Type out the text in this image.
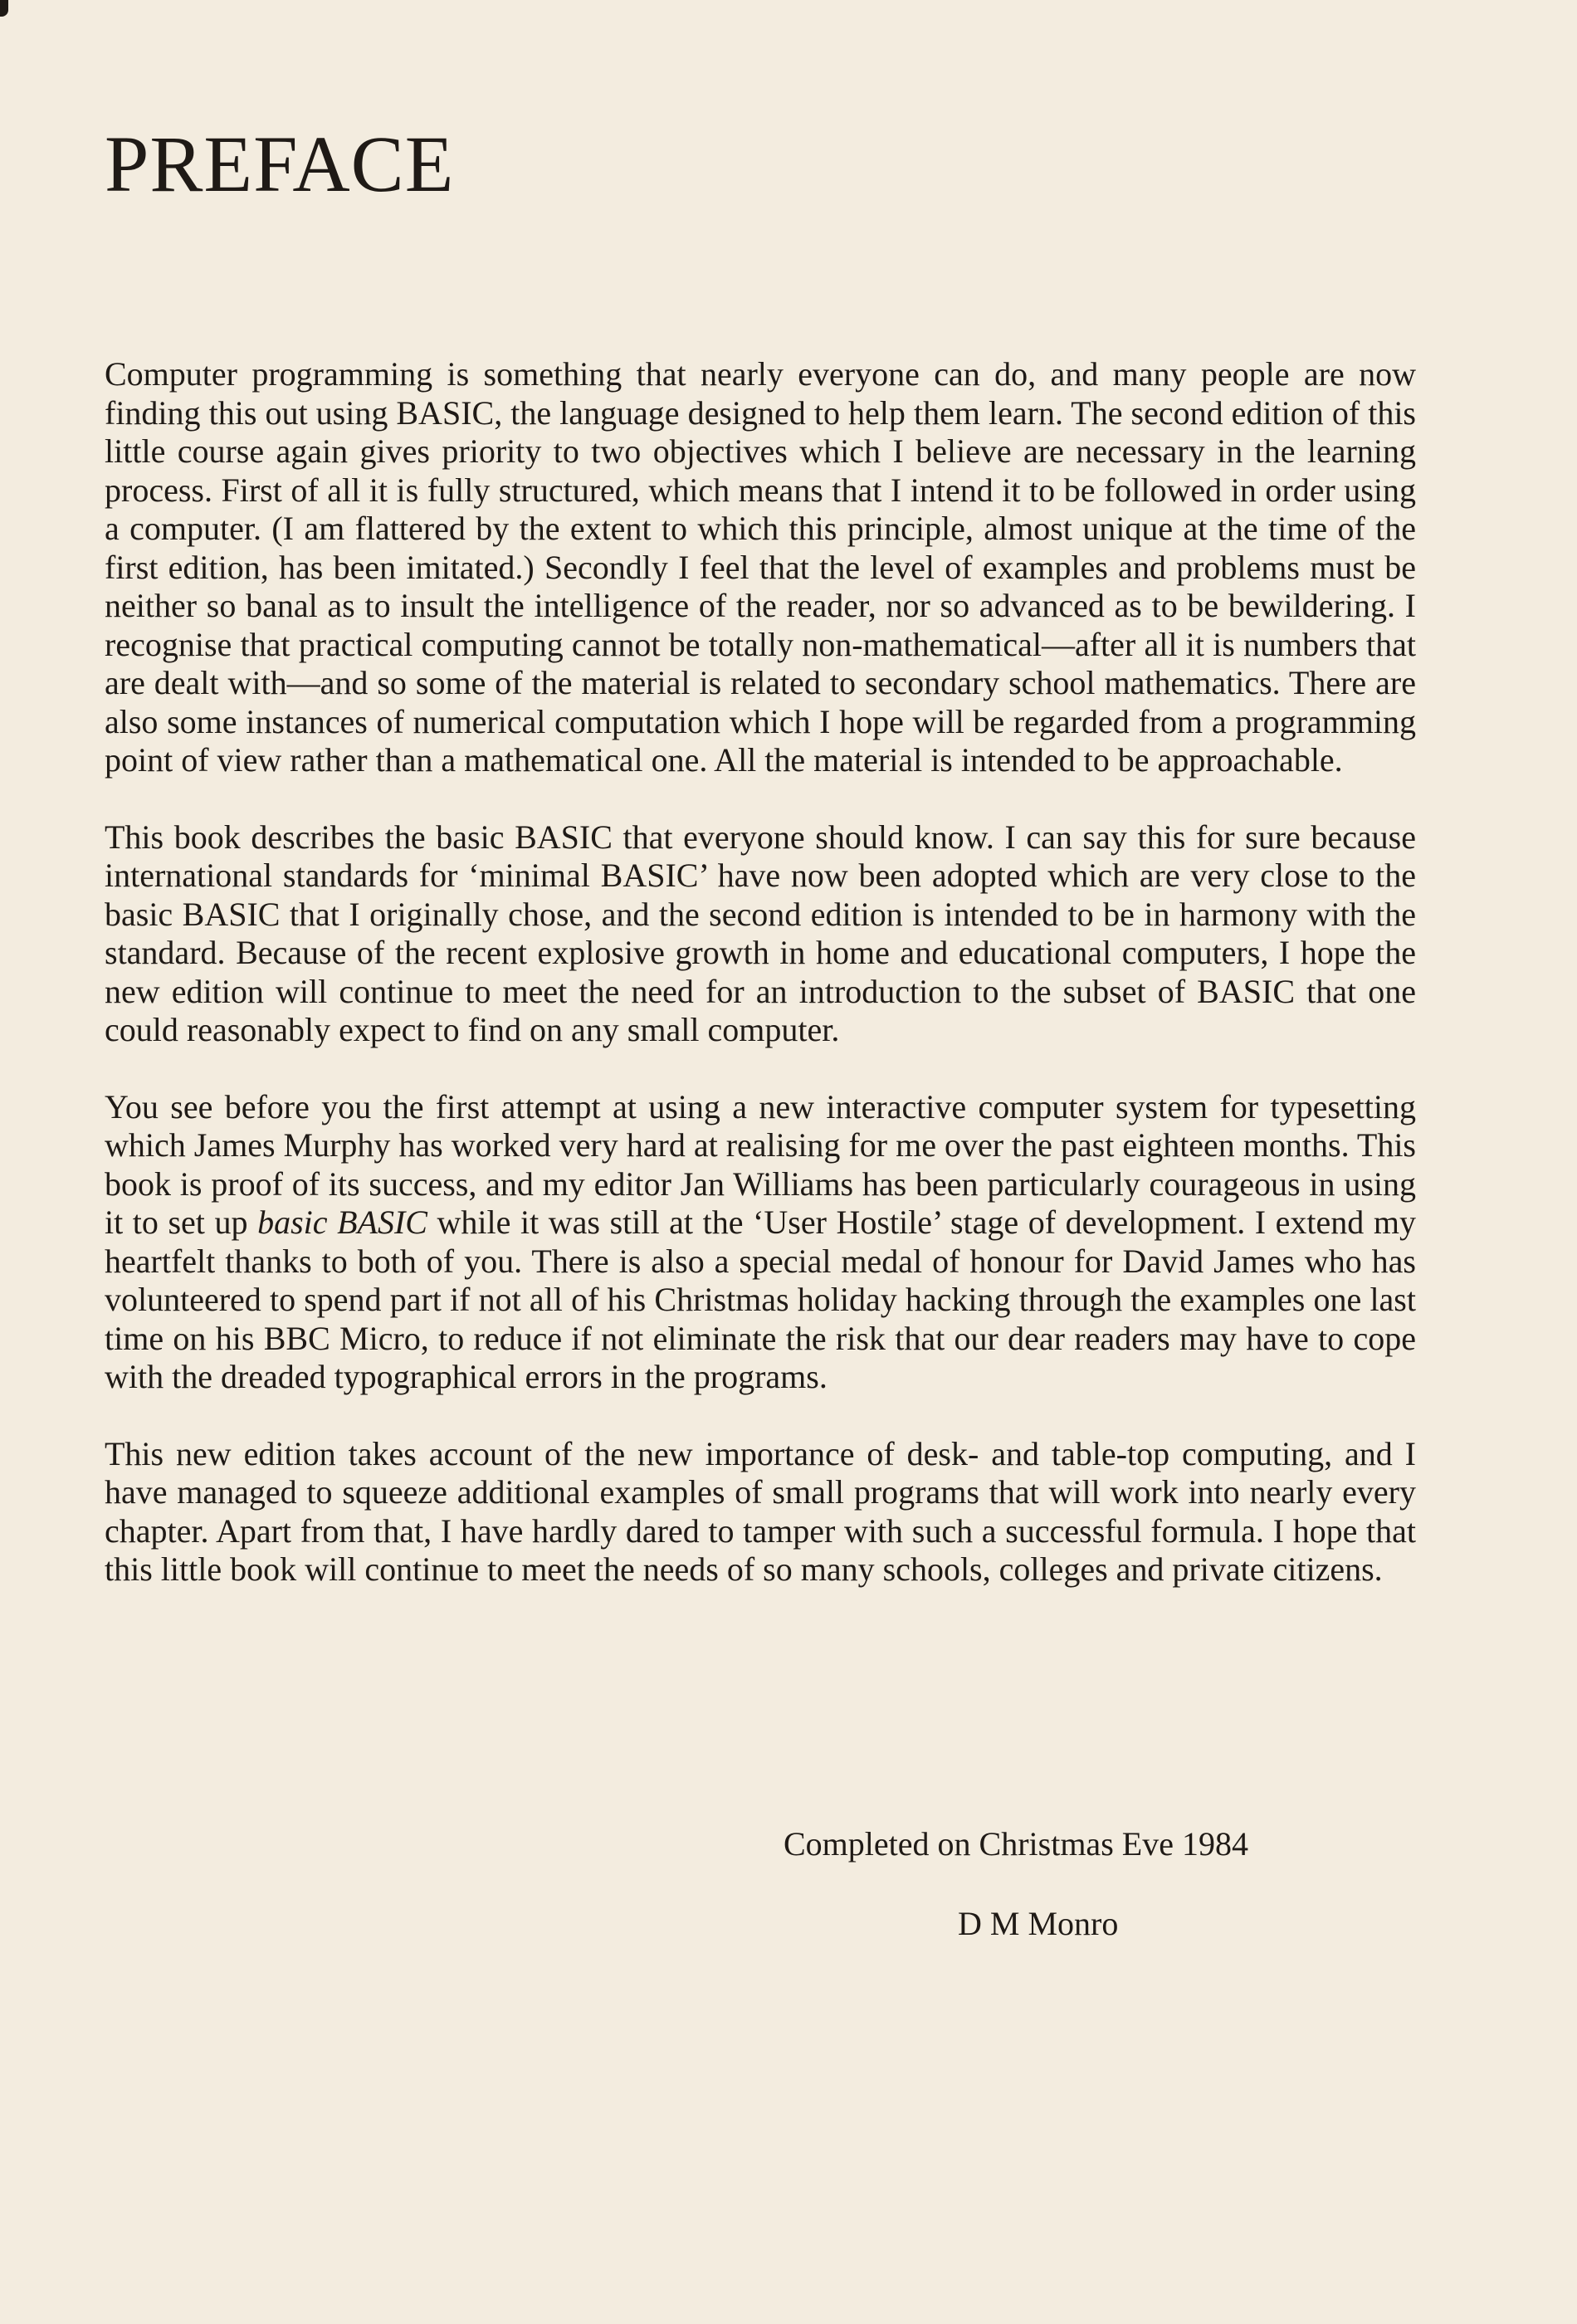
PREFACE

Computer programming is something that nearly everyone can do, and many people are now finding this out using BASIC, the language designed to help them learn. The second edition of this little course again gives priority to two objectives which I believe are necessary in the learning process. First of all it is fully structured, which means that I intend it to be followed in order using a computer. (I am flattered by the extent to which this principle, almost unique at the time of the first edition, has been imitated.) Secondly I feel that the level of examples and problems must be neither so banal as to insult the intelligence of the reader, nor so advanced as to be bewildering. I recognise that practical computing cannot be totally non-mathematical—after all it is numbers that are dealt with—and so some of the material is related to secondary school mathematics. There are also some instances of numerical computation which I hope will be regarded from a programming point of view rather than a mathematical one. All the material is intended to be approachable.

This book describes the basic BASIC that everyone should know. I can say this for sure because international standards for ‘minimal BASIC’ have now been adopted which are very close to the basic BASIC that I originally chose, and the second edition is intended to be in harmony with the standard. Because of the recent explosive growth in home and educational computers, I hope the new edition will continue to meet the need for an introduction to the subset of BASIC that one could reasonably expect to find on any small computer.

You see before you the first attempt at using a new interactive computer system for typesetting which James Murphy has worked very hard at realising for me over the past eighteen months. This book is proof of its success, and my editor Jan Williams has been particularly courageous in using it to set up basic BASIC while it was still at the ‘User Hostile’ stage of development. I extend my heartfelt thanks to both of you. There is also a special medal of honour for David James who has volunteered to spend part if not all of his Christmas holiday hacking through the examples one last time on his BBC Micro, to reduce if not eliminate the risk that our dear readers may have to cope with the dreaded typographical errors in the programs.

This new edition takes account of the new importance of desk- and table-top computing, and I have managed to squeeze additional examples of small programs that will work into nearly every chapter. Apart from that, I have hardly dared to tamper with such a successful formula. I hope that this little book will continue to meet the needs of so many schools, colleges and private citizens.

Completed on Christmas Eve 1984

D M Monro
